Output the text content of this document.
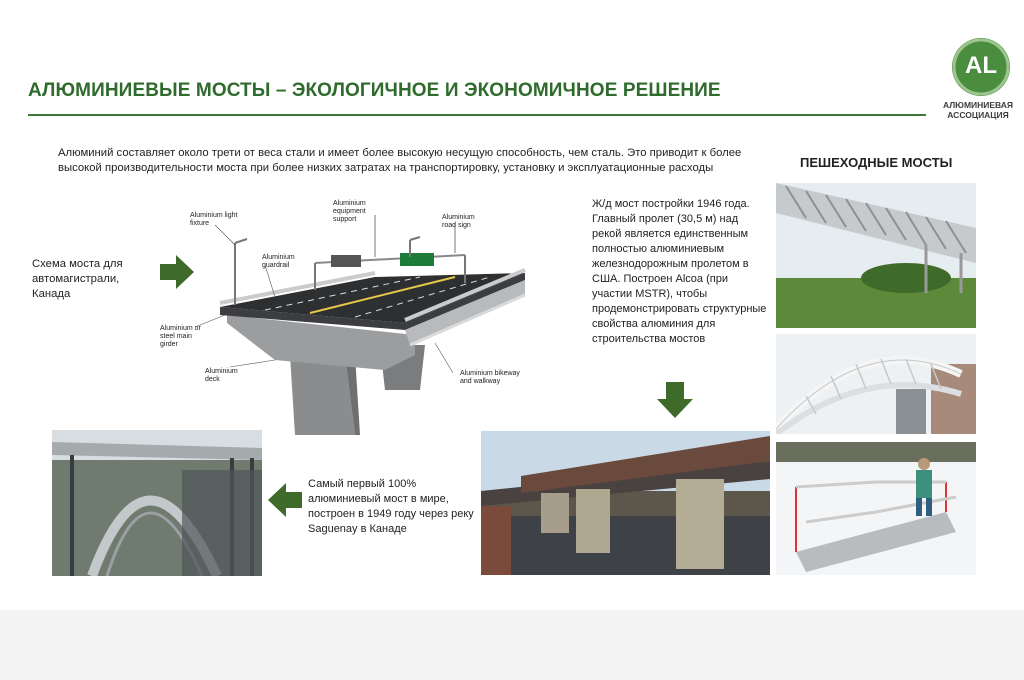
АЛЮМИНИЕВЫЕ МОСТЫ – ЭКОЛОГИЧНОЕ И ЭКОНОМИЧНОЕ РЕШЕНИЕ
AL
АЛЮМИНИЕВАЯ
АССОЦИАЦИЯ
Алюминий составляет около трети от веса стали и имеет более высокую несущую способность, чем сталь. Это приводит к более высокой производительности моста при более низких затратах на транспортировку, установку и эксплуатационные расходы
Схема моста для автомагистрали, Канада
Aluminium light fixture
Aluminium equipment support	Aluminium road sign
Aluminium guardrail
Aluminium or steel main girder
Aluminium deck
Aluminium bikeway and walkway
Ж/д мост постройки 1946 года. Главный пролет (30,5 м) над рекой является единственным полностью алюминиевым железнодорожным пролетом в США. Построен Alcoa (при участии MSTR), чтобы продемонстрировать структурные свойства алюминия для строительства мостов
ПЕШЕХОДНЫЕ МОСТЫ
Самый первый 100% алюминиевый мост в мире, построен в 1949 году через реку Saguenay в Канаде
